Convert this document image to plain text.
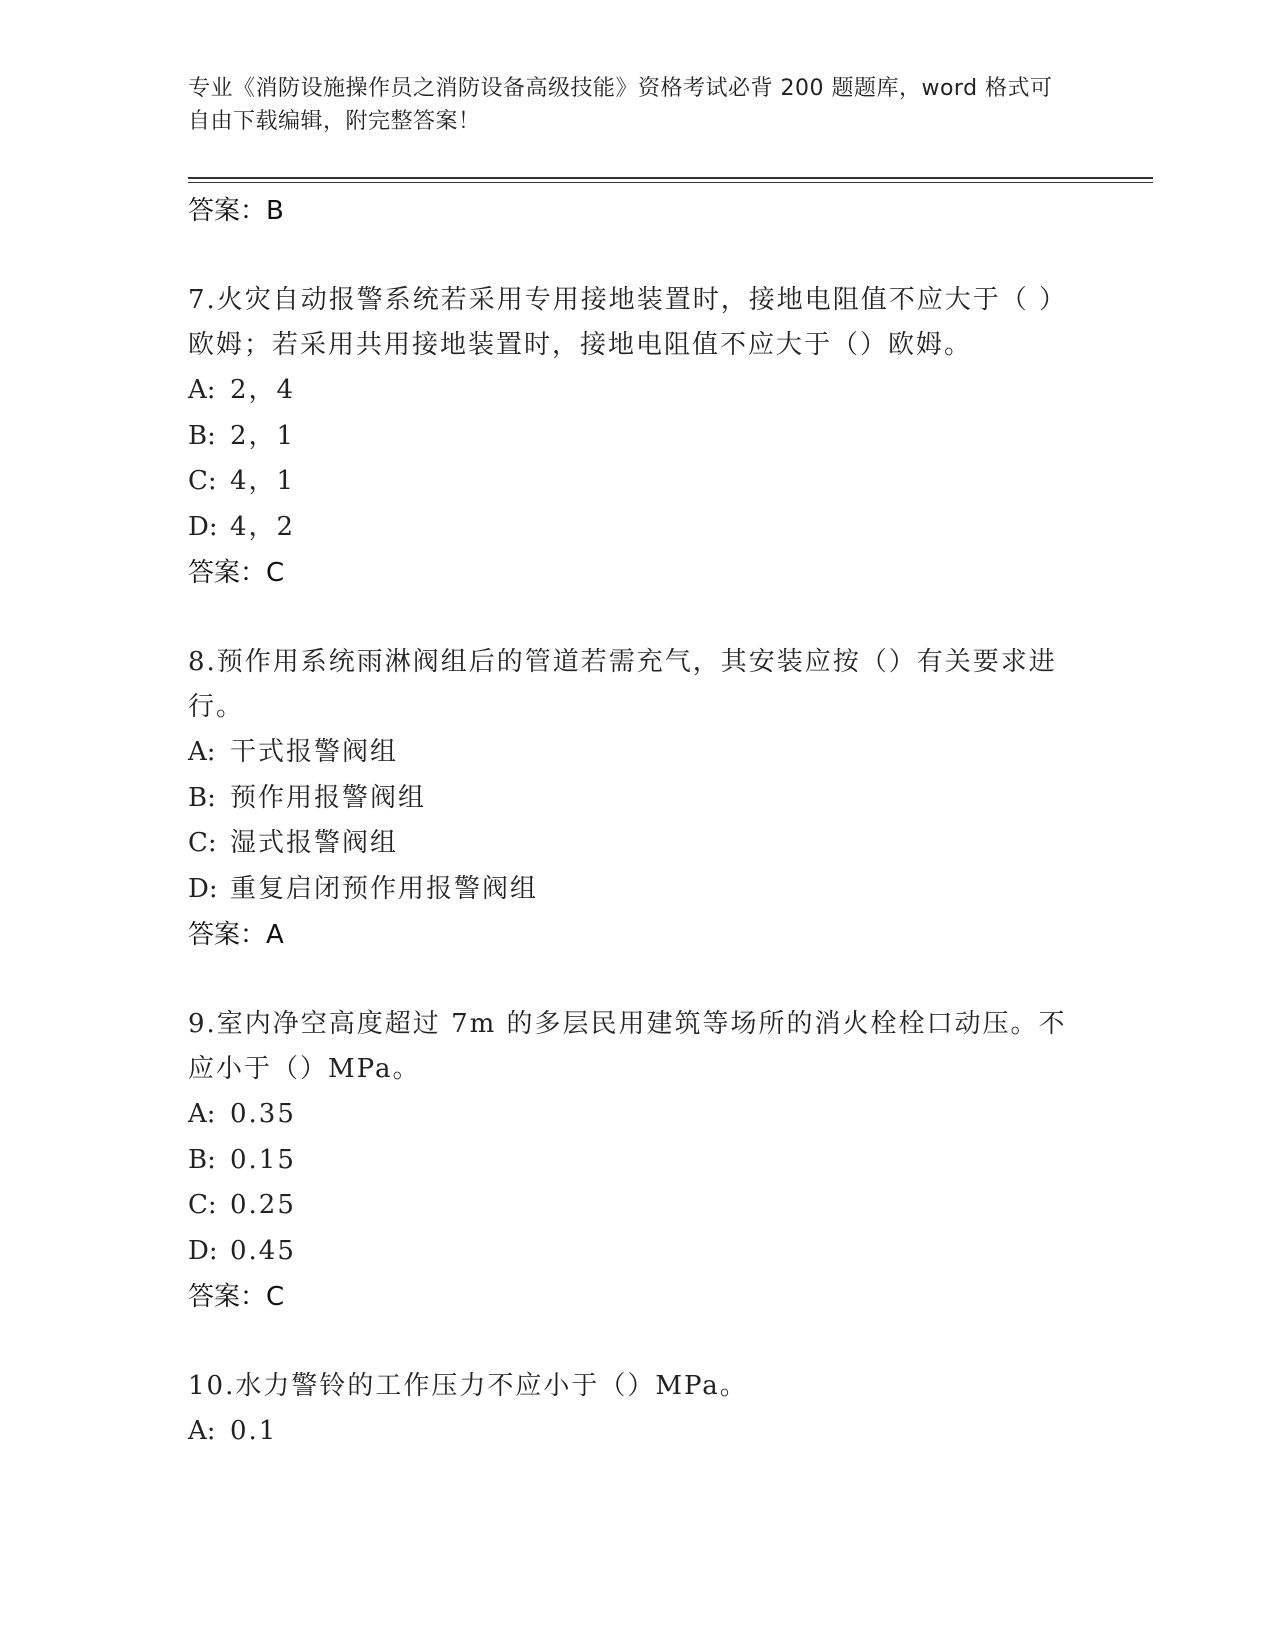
专业《消防设施操作员之消防设备高级技能》资格考试必背 200 题题库，word 格式可自由下载编辑，附完整答案！

答案：B

7.火灾自动报警系统若采用专用接地装置时，接地电阻值不应大于（ ）欧姆；若采用共用接地装置时，接地电阻值不应大于（）欧姆。

A: 2，4

B: 2，1

C: 4，1

D: 4，2

答案：C

8.预作用系统雨淋阀组后的管道若需充气，其安装应按（）有关要求进行。

A: 干式报警阀组

B: 预作用报警阀组

C: 湿式报警阀组

D: 重复启闭预作用报警阀组

答案：A

9.室内净空高度超过 7m 的多层民用建筑等场所的消火栓栓口动压。不应小于（）MPa。

A: 0.35

B: 0.15

C: 0.25

D: 0.45

答案：C

10.水力警铃的工作压力不应小于（）MPa。

A: 0.1
